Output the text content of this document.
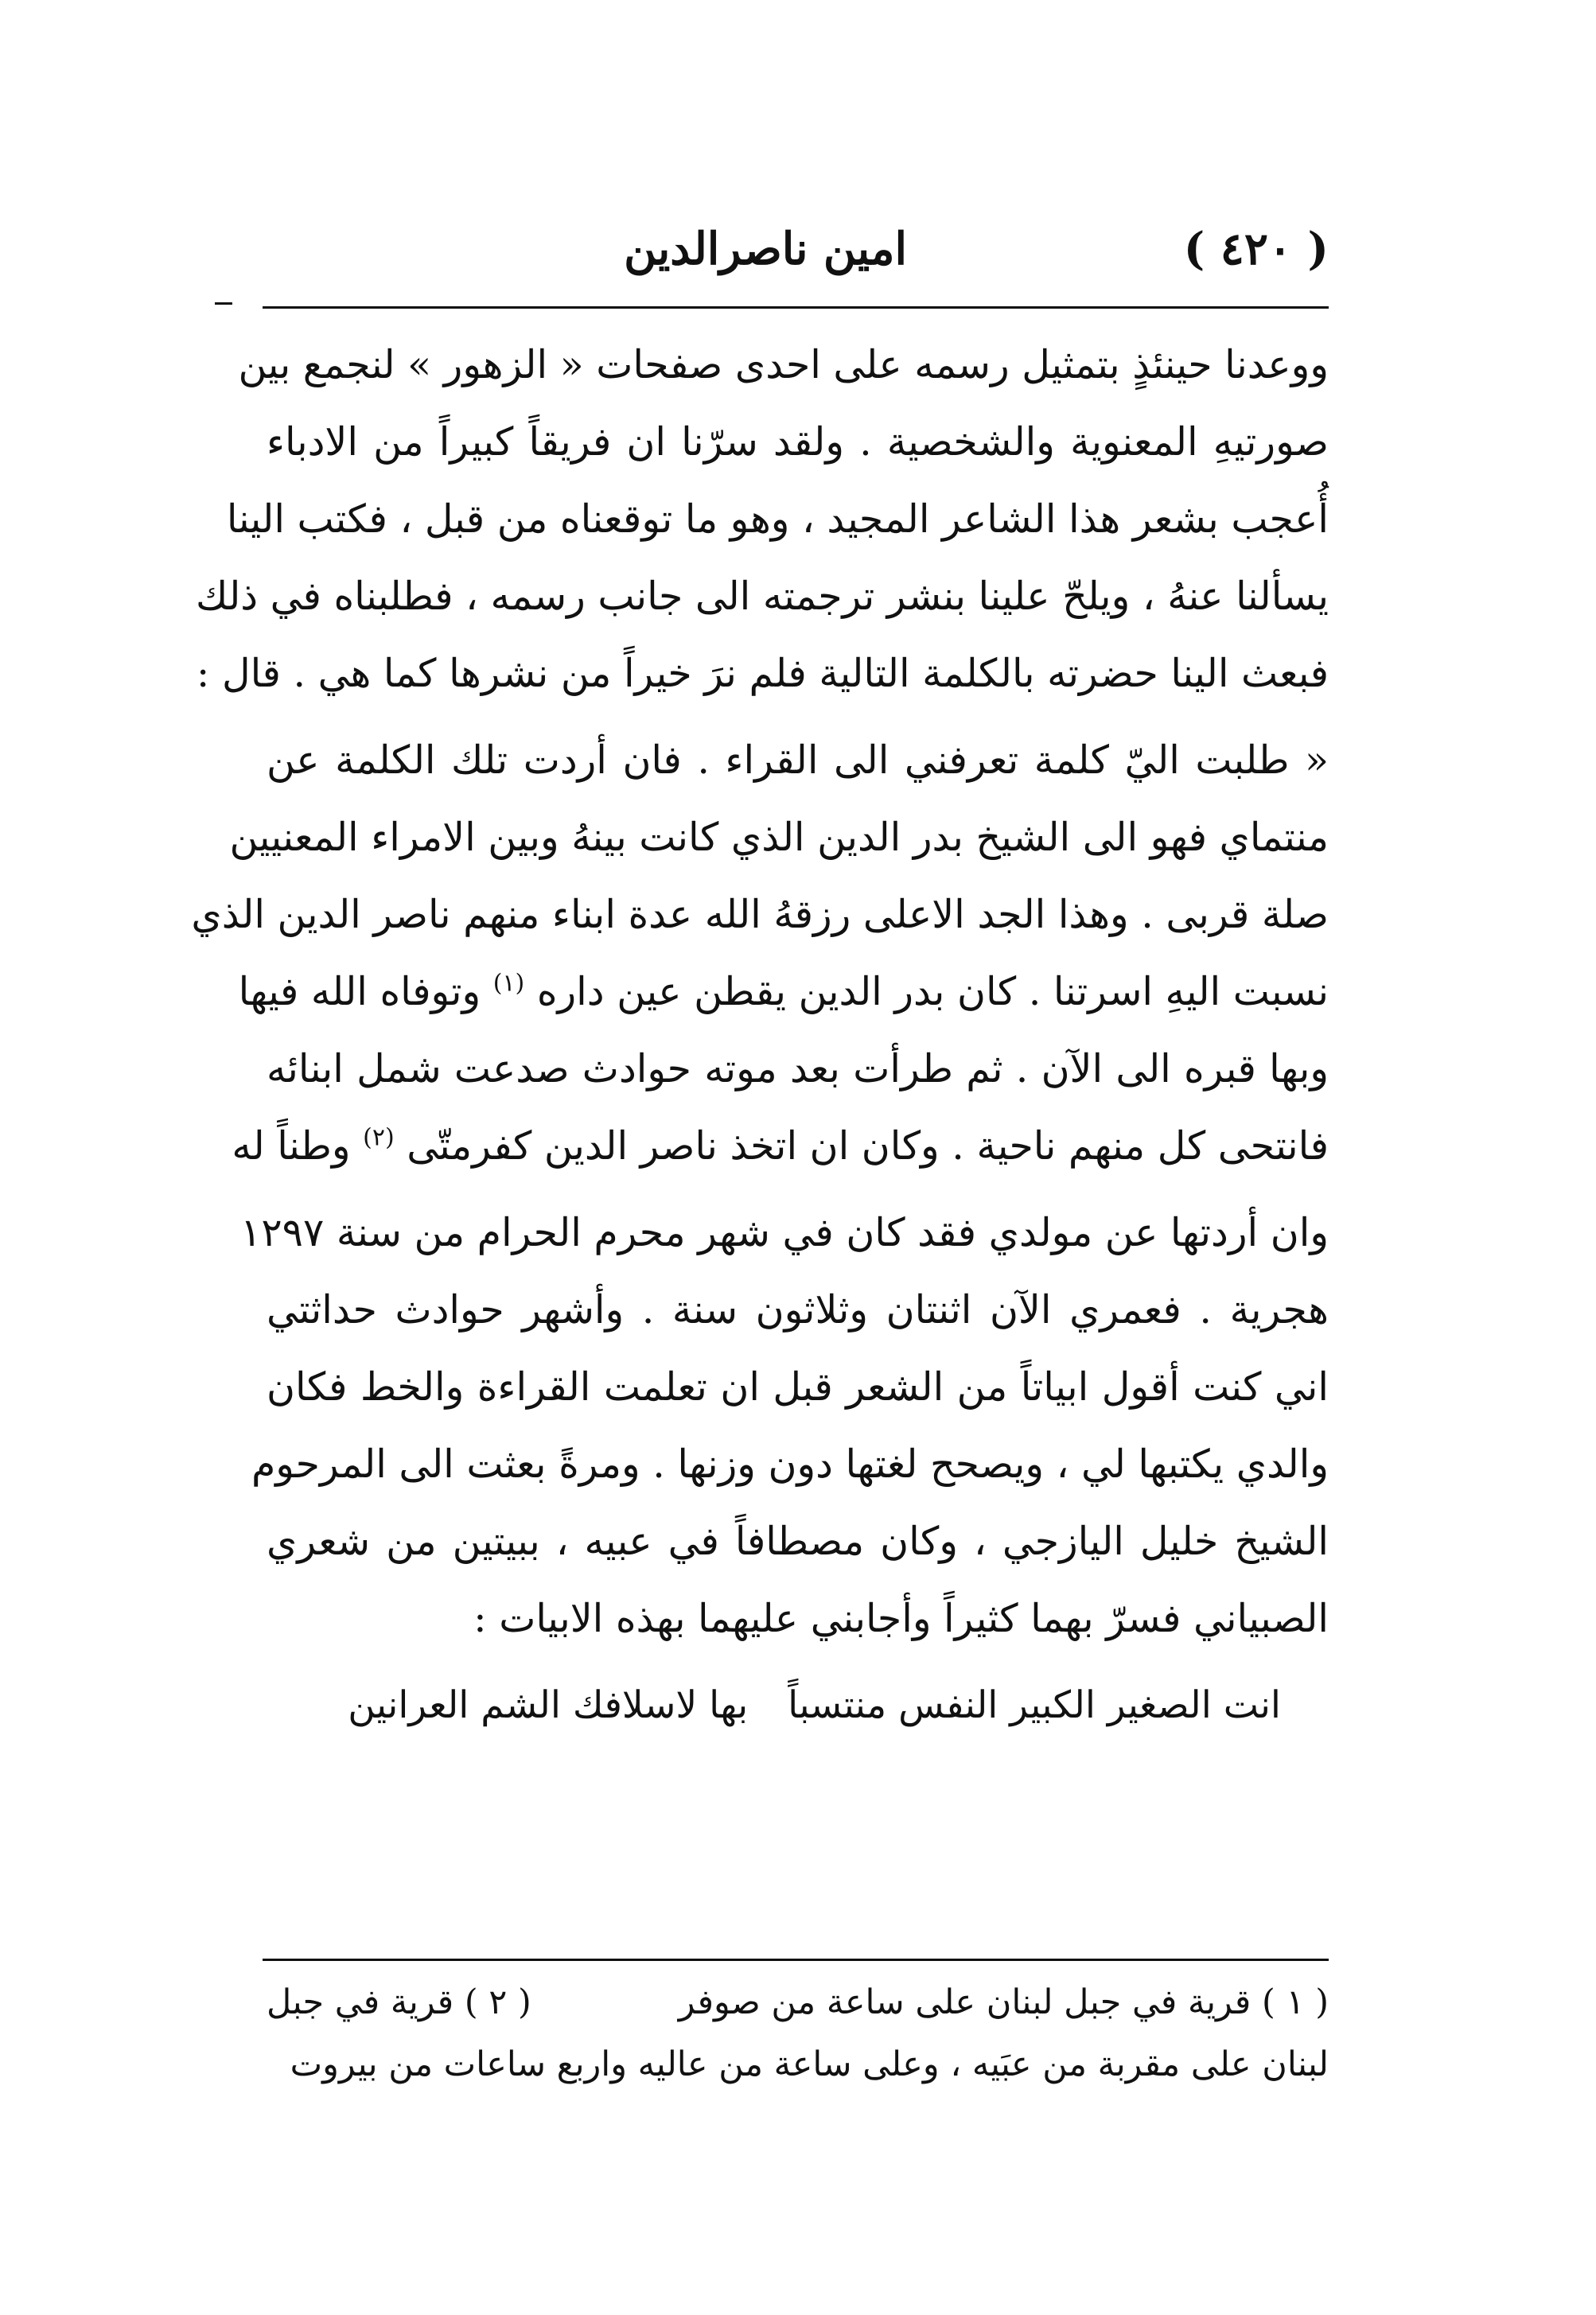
( ٤٢٠ )
امين ناصرالدين
ووعدنا حينئذٍ بتمثيل رسمه على احدى صفحات « الزهور » لنجمع بين
صورتيهِ المعنوية والشخصية . ولقد سرّنا ان فريقاً كبيراً من الادباء
أُعجب بشعر هذا الشاعر المجيد ، وهو ما توقعناه من قبل ، فكتب الينا
يسألنا عنهُ ، ويلحّ علينا بنشر ترجمته الى جانب رسمه ، فطلبناه في ذلك
فبعث الينا حضرته بالكلمة التالية فلم نرَ خيراً من نشرها كما هي . قال :
« طلبت اليّ كلمة تعرفني الى القراء . فان أردت تلك الكلمة عن
منتماي فهو الى الشيخ بدر الدين الذي كانت بينهُ وبين الامراء المعنيين
صلة قربى . وهذا الجد الاعلى رزقهُ الله عدة ابناء منهم ناصر الدين الذي
نسبت اليهِ اسرتنا . كان بدر الدين يقطن عين داره $^{(١)}$ وتوفاه الله فيها
وبها قبره الى الآن . ثم طرأت بعد موته حوادث صدعت شمل ابنائه
فانتحى كل منهم ناحية . وكان ان اتخذ ناصر الدين كفرمتّى $^{(٢)}$ وطناً له
وان أردتها عن مولدي فقد كان في شهر محرم الحرام من سنة ١٢٩٧
هجرية . فعمري الآن اثنتان وثلاثون سنة . وأشهر حوادث حداثتي
اني كنت أقول ابياتاً من الشعر قبل ان تعلمت القراءة والخط فكان
والدي يكتبها لي ، ويصحح لغتها دون وزنها . ومرةً بعثت الى المرحوم
الشيخ خليل اليازجي ، وكان مصطافاً في عبيه ، ببيتين من شعري
الصبياني فسرّ بهما كثيراً وأجابني عليهما بهذه الابيات :
انت الصغير الكبير النفس منتسباً
بها لاسلافك الشم العرانين
( ١ ) قرية في جبل لبنان على ساعة من صوفر
( ٢ ) قرية في جبل
لبنان على مقربة من عبَيه ، وعلى ساعة من عاليه واربع ساعات من بيروت
